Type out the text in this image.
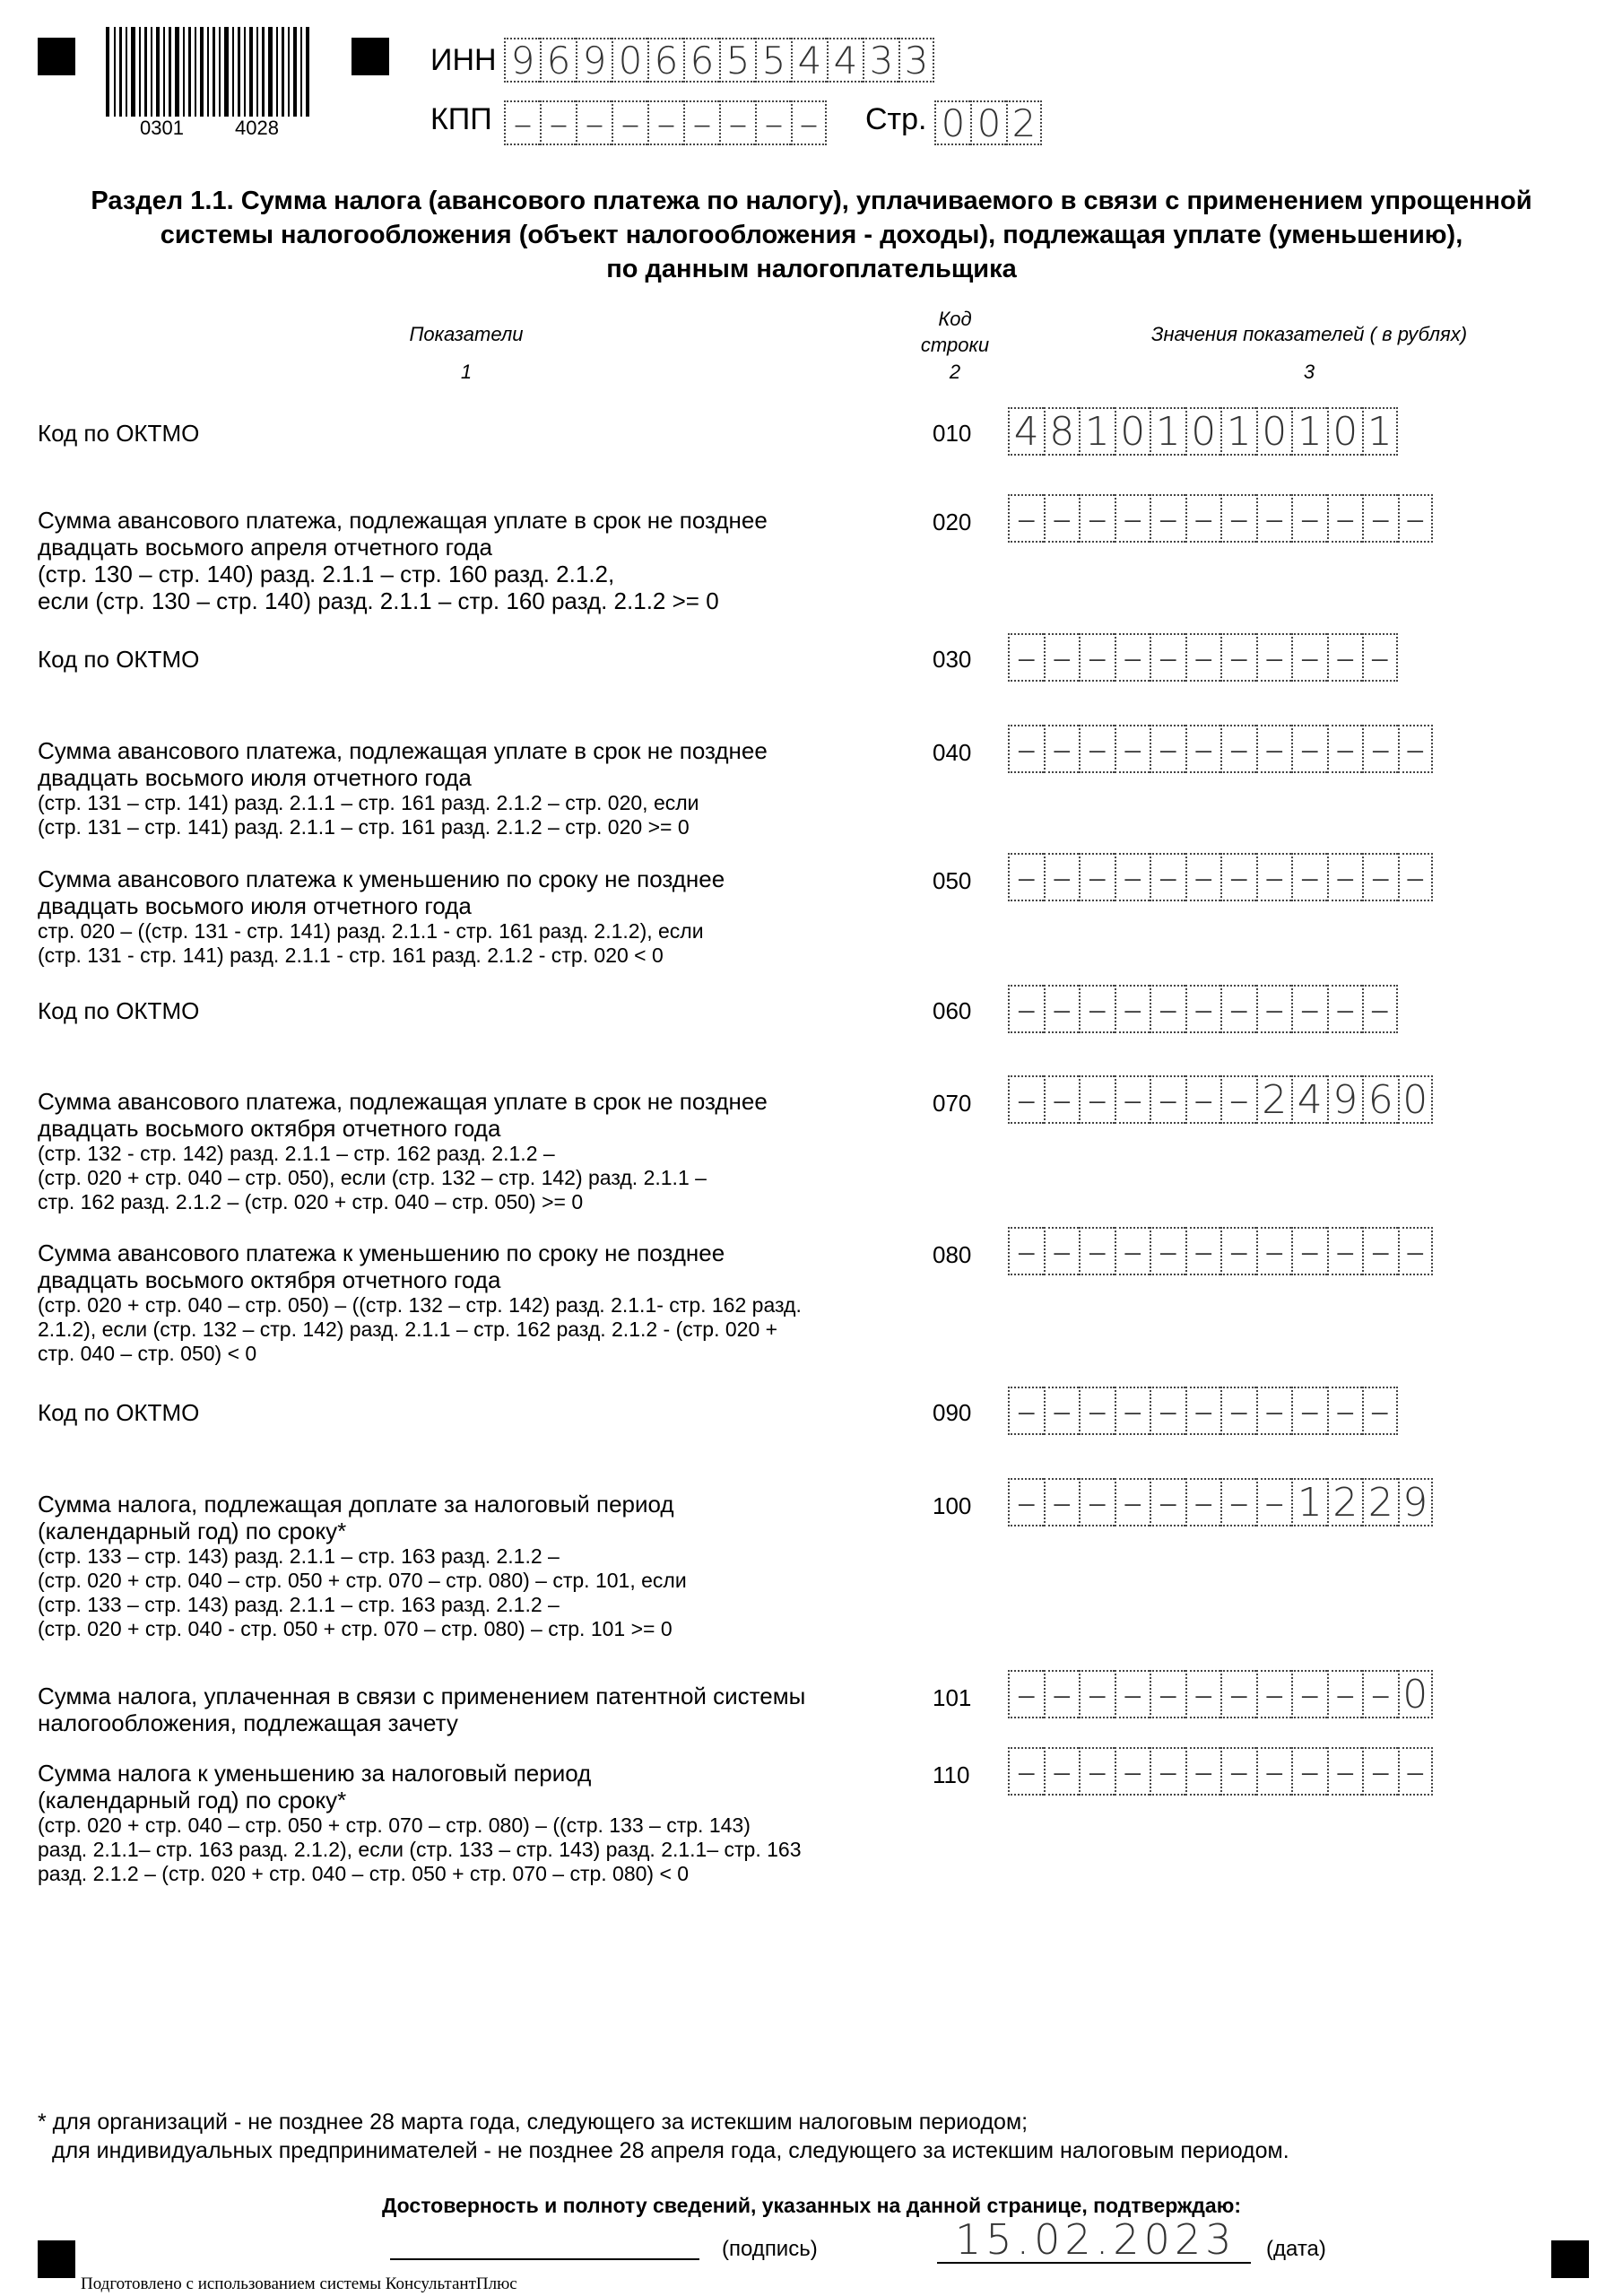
0301	4028
ИНН 9 6 9 0 6 6 5 5 4 4 3 3
КПП – – – – – – – – – Стр. 0 0 2
Раздел 1.1. Сумма налога (авансового платежа по налогу), уплачиваемого в связи с применением упрощенной
системы налогообложения (объект налогообложения - доходы), подлежащая уплате (уменьшению),
по данным налогоплательщика
Показатели
Код
строки	Значения показателей ( в рублях)
1	2	3
Код по ОКТМО	010 4 8 1 0 1 0 1 0 1 0 1
Сумма авансового платежа, подлежащая уплате в срок не позднее
двадцать восьмого апреля отчетного года
(стр. 130 – стр. 140) разд. 2.1.1 – стр. 160 разд. 2.1.2,
если (стр. 130 – стр. 140) разд. 2.1.1 – стр. 160 разд. 2.1.2 >= 0
020 – – – – – – – – – – – –
Код по ОКТМО	030 – – – – – – – – – – –
Сумма авансового платежа, подлежащая уплате в срок не позднее
двадцать восьмого июля отчетного года
(стр. 131 – стр. 141) разд. 2.1.1 – стр. 161 разд. 2.1.2 – стр. 020, если
(стр. 131 – стр. 141) разд. 2.1.1 – стр. 161 разд. 2.1.2 – стр. 020 >= 0
040 – – – – – – – – – – – –
Сумма авансового платежа к уменьшению по сроку не позднее
двадцать восьмого июля отчетного года
стр. 020 – ((стр. 131 - стр. 141) разд. 2.1.1 - стр. 161 разд. 2.1.2), если
(стр. 131 - стр. 141) разд. 2.1.1 - стр. 161 разд. 2.1.2 - стр. 020 < 0
050 – – – – – – – – – – – –
Код по ОКТМО	060 – – – – – – – – – – –
Сумма авансового платежа, подлежащая уплате в срок не позднее
двадцать восьмого октября отчетного года
(стр. 132 - стр. 142) разд. 2.1.1 – стр. 162 разд. 2.1.2 –
(стр. 020 + стр. 040 – стр. 050), если (стр. 132 – стр. 142) разд. 2.1.1 –
стр. 162 разд. 2.1.2 – (стр. 020 + стр. 040 – стр. 050) >= 0
070 – – – – – – – 2 4 9 6 0
Сумма авансового платежа к уменьшению по сроку не позднее
двадцать восьмого октября отчетного года
(стр. 020 + стр. 040 – стр. 050) – ((стр. 132 – стр. 142) разд. 2.1.1- стр. 162 разд.
2.1.2), если (стр. 132 – стр. 142) разд. 2.1.1 – стр. 162 разд. 2.1.2 - (стр. 020 +
стр. 040 – стр. 050) < 0
080 – – – – – – – – – – – –
Код по ОКТМО	090 – – – – – – – – – – –
Сумма налога, подлежащая доплате за налоговый период
(календарный год) по сроку*
(стр. 133 – стр. 143) разд. 2.1.1 – стр. 163 разд. 2.1.2 –
(стр. 020 + стр. 040 – стр. 050 + стр. 070 – стр. 080) – стр. 101, если
(стр. 133 – стр. 143) разд. 2.1.1 – стр. 163 разд. 2.1.2 –
(стр. 020 + стр. 040 - стр. 050 + стр. 070 – стр. 080) – стр. 101 >= 0
100 – – – – – – – – 1 2 2 9
Сумма налога, уплаченная в связи с применением патентной системы
налогообложения, подлежащая зачету
101 – – – – – – – – – – – 0
Сумма налога к уменьшению за налоговый период
(календарный год) по сроку*
(стр. 020 + стр. 040 – стр. 050 + стр. 070 – стр. 080) – ((стр. 133 – стр. 143)
разд. 2.1.1– стр. 163 разд. 2.1.2), если (стр. 133 – стр. 143) разд. 2.1.1– стр. 163
разд. 2.1.2 – (стр. 020 + стр. 040 – стр. 050 + стр. 070 – стр. 080) < 0
110 – – – – – – – – – – – –
* для организаций - не позднее 28 марта года, следующего за истекшим налоговым периодом;
для индивидуальных предпринимателей - не позднее 28 апреля года, следующего за истекшим налоговым периодом.
Достоверность и полноту сведений, указанных на данной странице, подтверждаю:
(подпись)	15.02.2023 (дата)
Подготовлено с использованием системы КонсультантПлюс
